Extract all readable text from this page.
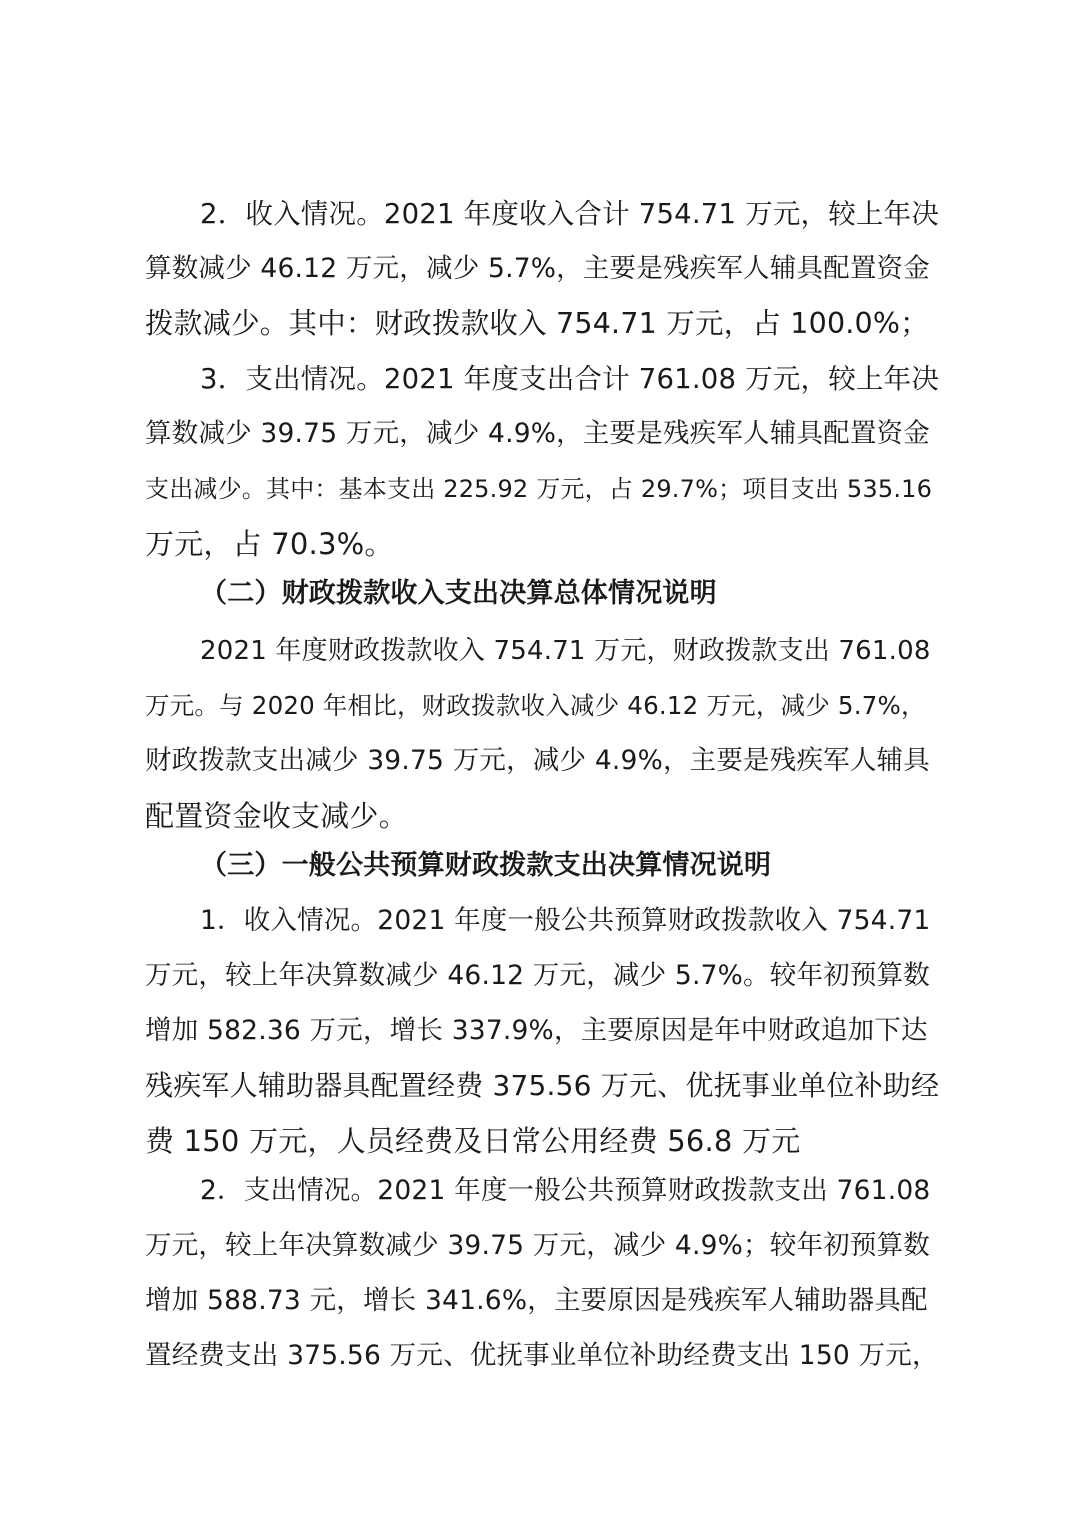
2．收入情况。2021 年度收入合计 754.71 万元，较上年决
算数减少 46.12 万元，减少 5.7%，主要是残疾军人辅具配置资金
拨款减少。其中：财政拨款收入 754.71 万元，占 100.0%；
3．支出情况。2021 年度支出合计 761.08 万元，较上年决
算数减少 39.75 万元，减少 4.9%，主要是残疾军人辅具配置资金
支出减少。其中：基本支出 225.92 万元，占 29.7%；项目支出 535.16
万元，占 70.3%。
（二）财政拨款收入支出决算总体情况说明
2021 年度财政拨款收入 754.71 万元，财政拨款支出 761.08
万元。与 2020 年相比，财政拨款收入减少 46.12 万元，减少 5.7%，
财政拨款支出减少 39.75 万元，减少 4.9%，主要是残疾军人辅具
配置资金收支减少。
（三）一般公共预算财政拨款支出决算情况说明
1．收入情况。2021 年度一般公共预算财政拨款收入 754.71
万元，较上年决算数减少 46.12 万元，减少 5.7%。较年初预算数
增加 582.36 万元，增长 337.9%，主要原因是年中财政追加下达
残疾军人辅助器具配置经费 375.56 万元、优抚事业单位补助经
费 150 万元，人员经费及日常公用经费 56.8 万元
2．支出情况。2021 年度一般公共预算财政拨款支出 761.08
万元，较上年决算数减少 39.75 万元，减少 4.9%；较年初预算数
增加 588.73 元，增长 341.6%，主要原因是残疾军人辅助器具配
置经费支出 375.56 万元、优抚事业单位补助经费支出 150 万元，
